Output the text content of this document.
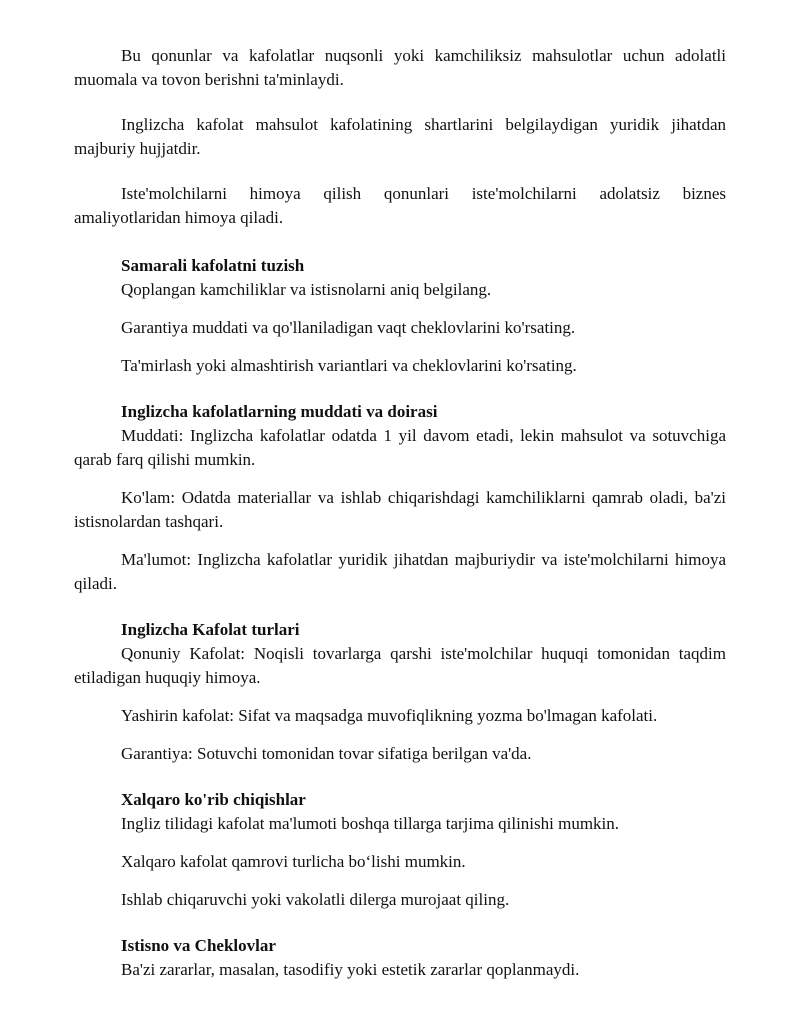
Bu qonunlar va kafolatlar nuqsonli yoki kamchiliksiz mahsulotlar uchun adolatli muomala va tovon berishni ta'minlaydi.

Inglizcha kafolat mahsulot kafolatining shartlarini belgilaydigan yuridik jihatdan majburiy hujjatdir.

Iste'molchilarni himoya qilish qonunlari iste'molchilarni adolatsiz biznes amaliyotlaridan himoya qiladi.

Samarali kafolatni tuzish

Qoplangan kamchiliklar va istisnolarni aniq belgilang.

Garantiya muddati va qo'llaniladigan vaqt cheklovlarini ko'rsating.

Ta'mirlash yoki almashtirish variantlari va cheklovlarini ko'rsating.

Inglizcha kafolatlarning muddati va doirasi

Muddati: Inglizcha kafolatlar odatda 1 yil davom etadi, lekin mahsulot va sotuvchiga qarab farq qilishi mumkin.

Ko'lam: Odatda materiallar va ishlab chiqarishdagi kamchiliklarni qamrab oladi, ba'zi istisnolardan tashqari.

Ma'lumot: Inglizcha kafolatlar yuridik jihatdan majburiydir va iste'molchilarni himoya qiladi.

Inglizcha Kafolat turlari

Qonuniy Kafolat: Noqisli tovarlarga qarshi iste'molchilar huquqi tomonidan taqdim etiladigan huquqiy himoya.

Yashirin kafolat: Sifat va maqsadga muvofiqlikning yozma bo'lmagan kafolati.

Garantiya: Sotuvchi tomonidan tovar sifatiga berilgan va'da.

Xalqaro ko'rib chiqishlar

Ingliz tilidagi kafolat ma'lumoti boshqa tillarga tarjima qilinishi mumkin.

Xalqaro kafolat qamrovi turlicha bo‘lishi mumkin.

Ishlab chiqaruvchi yoki vakolatli dilerga murojaat qiling.

Istisno va Cheklovlar

Ba'zi zararlar, masalan, tasodifiy yoki estetik zararlar qoplanmaydi.
